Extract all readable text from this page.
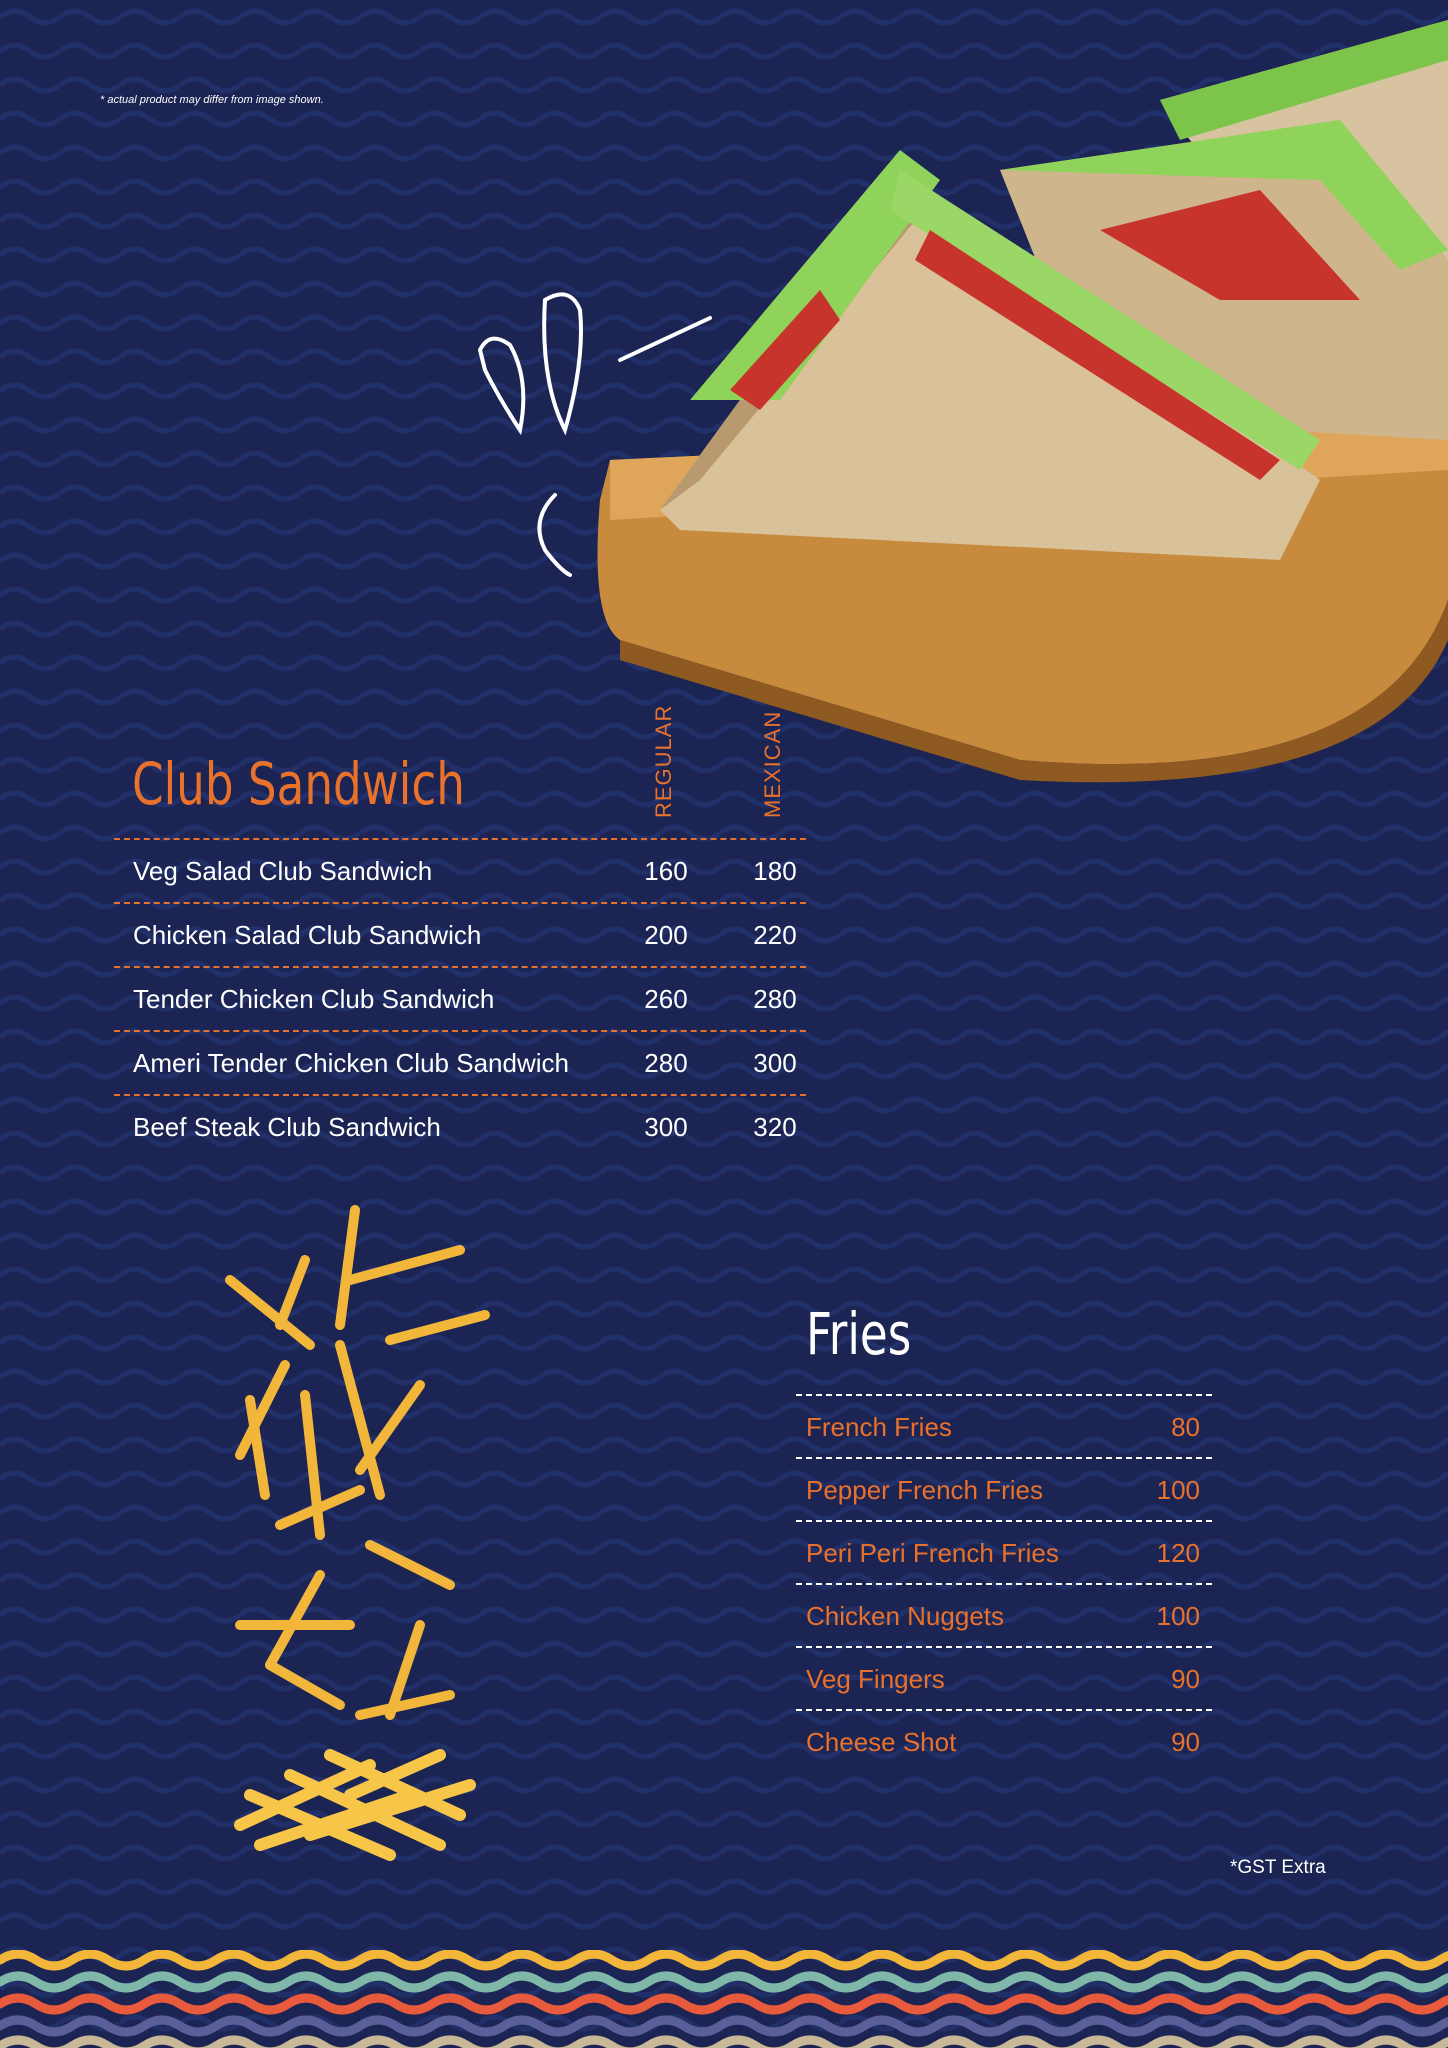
* actual product may differ from image shown.
Club Sandwich	REGULAR	MEXICAN
Veg Salad Club Sandwich	160	180
Chicken Salad Club Sandwich	200	220
Tender Chicken Club Sandwich	260	280
Ameri Tender Chicken Club Sandwich	280	300
Beef Steak Club Sandwich	300	320
Fries
French Fries	80
Pepper French Fries	100
Peri Peri French Fries	120
Chicken Nuggets	100
Veg Fingers	90
Cheese Shot	90
*GST Extra
